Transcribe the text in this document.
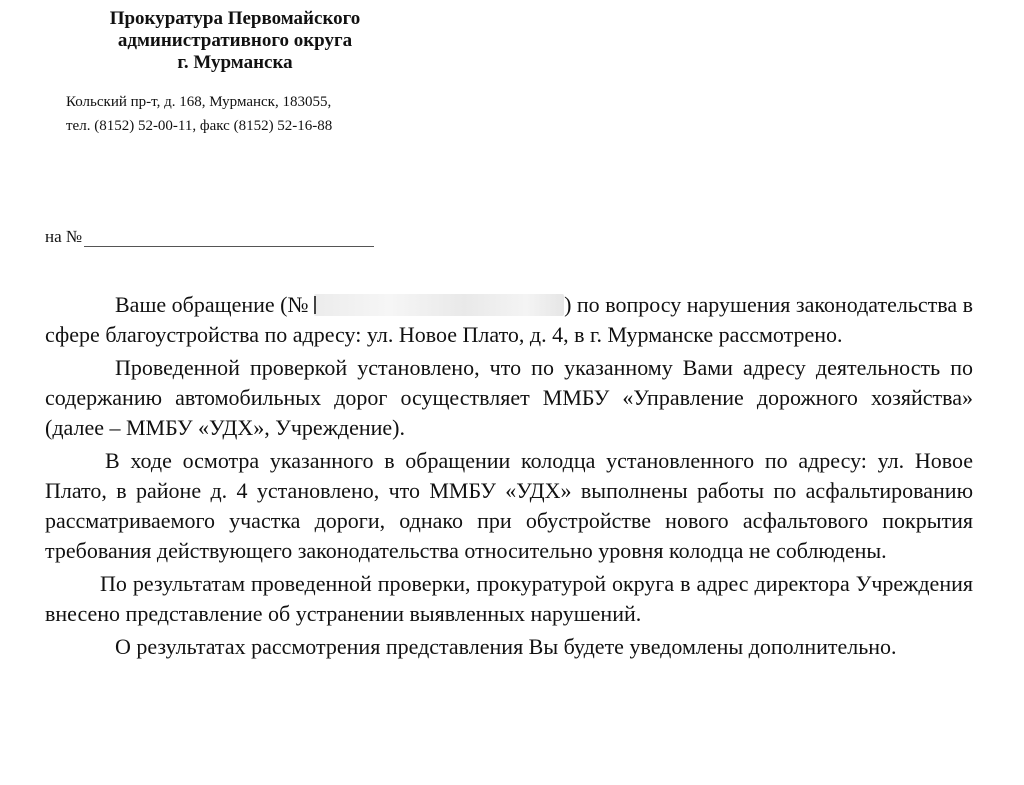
Прокуратура Первомайского
административного округа
г. Мурманска

Кольский пр-т, д. 168, Мурманск, 183055,
тел. (8152) 52-00-11, факс (8152) 52-16-88
на №

Ваше обращение (№	) по вопросу нарушения законодательства в сфере благоустройства по адресу: ул. Новое Плато, д. 4, в г. Мурманске рассмотрено.

Проведенной проверкой установлено, что по указанному Вами адресу деятельность по содержанию автомобильных дорог осуществляет ММБУ «Управление дорожного хозяйства» (далее – ММБУ «УДХ», Учреждение).

В ходе осмотра указанного в обращении колодца установленного по адресу: ул. Новое Плато, в районе д. 4 установлено, что ММБУ «УДХ» выполнены работы по асфальтированию рассматриваемого участка дороги, однако при обустройстве нового асфальтового покрытия требования действующего законодательства относительно уровня колодца не соблюдены.

По результатам проведенной проверки, прокуратурой округа в адрес директора Учреждения внесено представление об устранении выявленных нарушений.

О результатах рассмотрения представления Вы будете уведомлены дополнительно.
